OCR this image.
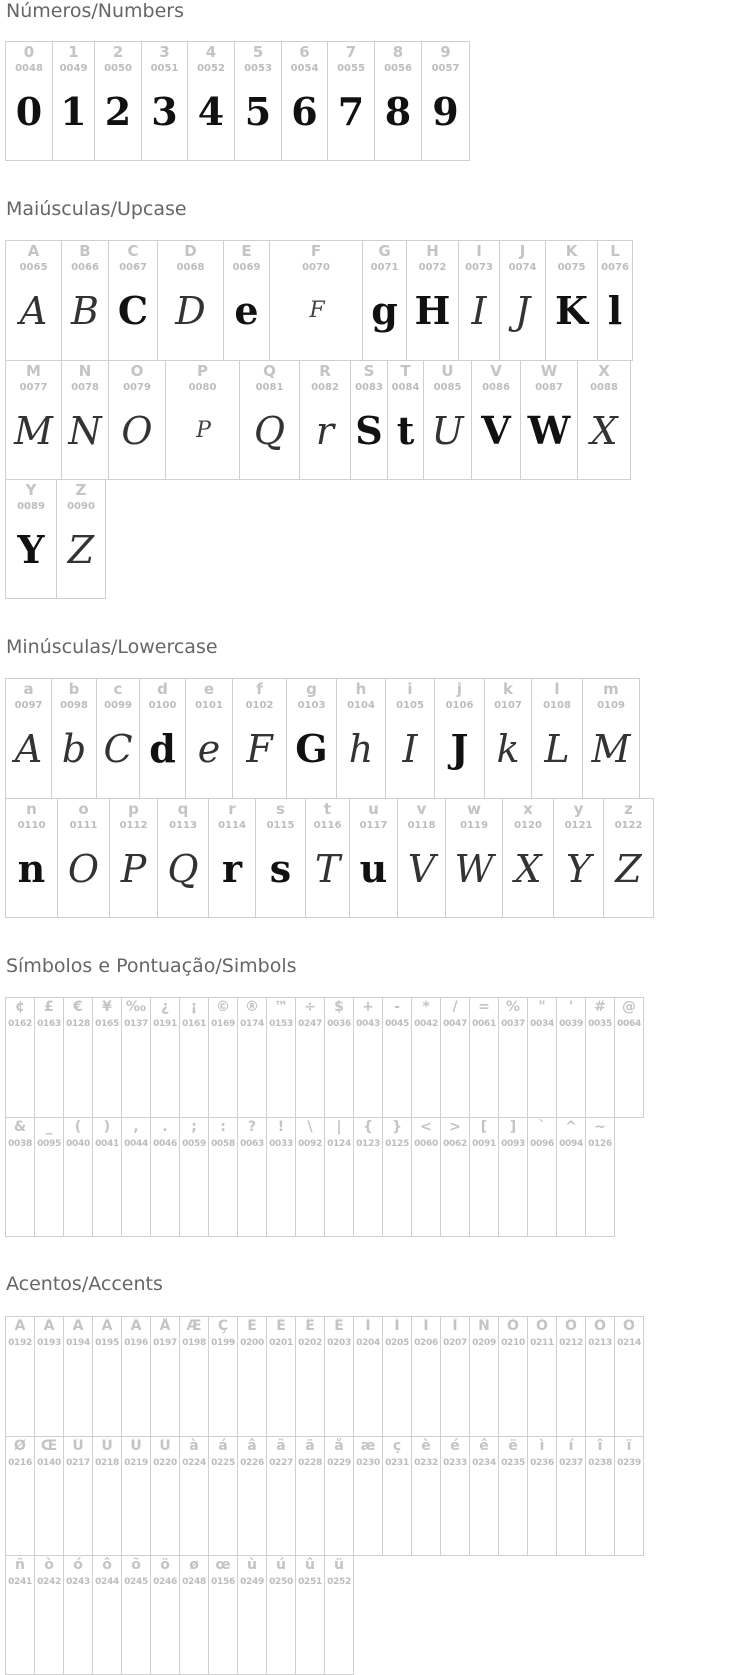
Números/Numbers
Maiúsculas/Upcase
Minúsculas/Lowercase
Símbolos e Pontuação/Simbols
Acentos/Accents
0
0048
0
1
0049
1
2
0050
2
3
0051
3
4
0052
4
5
0053
5
6
0054
6
7
0055
7
8
0056
8
9
0057
9
A
0065
A
B
0066
B
C
0067
C
D
0068
D
E
0069
e
F
0070
F
G
0071
g
H
0072
H
I
0073
I
J
0074
J
K
0075
K
L
0076
l
M
0077
M
N
0078
N
O
0079
O
P
0080
P
Q
0081
Q
R
0082
r
S
0083
S
T
0084
t
U
0085
U
V
0086
V
W
0087
W
X
0088
X
Y
0089
Y
Z
0090
Z
a
0097
A
b
0098
b
c
0099
C
d
0100
d
e
0101
e
f
0102
F
g
0103
G
h
0104
h
i
0105
I
j
0106
J
k
0107
k
l
0108
L
m
0109
M
n
0110
n
o
0111
O
p
0112
P
q
0113
Q
r
0114
r
s
0115
s
t
0116
T
u
0117
u
v
0118
V
w
0119
W
x
0120
X
y
0121
Y
z
0122
Z
¢
0162
£
0163
€
0128
¥
0165
‰
0137
¿
0191
¡
0161
©
0169
®
0174
™
0153
÷
0247
$
0036
+
0043
-
0045
*
0042
/
0047
=
0061
%
0037
"
0034
'
0039
#
0035
@
0064
&
0038
_
0095
(
0040
)
0041
,
0044
.
0046
;
0059
:
0058
?
0063
!
0033
\
0092
|
0124
{
0123
}
0125
<
0060
>
0062
[
0091
]
0093
`
0096
^
0094
~
0126
À
0192
Á
0193
Â
0194
Ã
0195
Ä
0196
Å
0197
Æ
0198
Ç
0199
È
0200
É
0201
Ê
0202
Ë
0203
Ì
0204
Í
0205
Î
0206
Ï
0207
Ñ
0209
Ò
0210
Ó
0211
Ô
0212
Õ
0213
Ö
0214
Ø
0216
Œ
0140
Ù
0217
Ú
0218
Û
0219
Ü
0220
à
0224
á
0225
â
0226
ã
0227
ä
0228
å
0229
æ
0230
ç
0231
è
0232
é
0233
ê
0234
ë
0235
ì
0236
í
0237
î
0238
ï
0239
ñ
0241
ò
0242
ó
0243
ô
0244
õ
0245
ö
0246
ø
0248
œ
0156
ù
0249
ú
0250
û
0251
ü
0252
